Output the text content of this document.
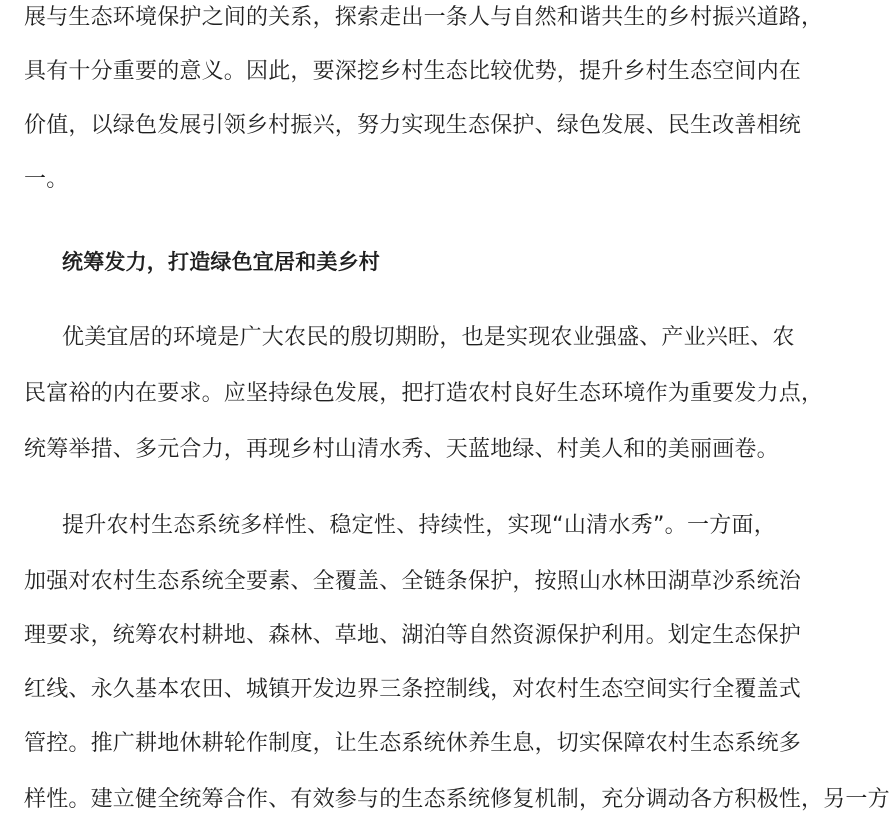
展与生态环境保护之间的关系，探索走出一条人与自然和谐共生的乡村振兴道路，
具有十分重要的意义。因此，要深挖乡村生态比较优势，提升乡村生态空间内在
价值，以绿色发展引领乡村振兴，努力实现生态保护、绿色发展、民生改善相统
一。
统筹发力，打造绿色宜居和美乡村
优美宜居的环境是广大农民的殷切期盼，也是实现农业强盛、产业兴旺、农
民富裕的内在要求。应坚持绿色发展，把打造农村良好生态环境作为重要发力点，
统筹举措、多元合力，再现乡村山清水秀、天蓝地绿、村美人和的美丽画卷。
提升农村生态系统多样性、稳定性、持续性，实现“山清水秀”。一方面，
加强对农村生态系统全要素、全覆盖、全链条保护，按照山水林田湖草沙系统治
理要求，统筹农村耕地、森林、草地、湖泊等自然资源保护利用。划定生态保护
红线、永久基本农田、城镇开发边界三条控制线，对农村生态空间实行全覆盖式
管控。推广耕地休耕轮作制度，让生态系统休养生息，切实保障农村生态系统多
样性。建立健全统筹合作、有效参与的生态系统修复机制，充分调动各方积极性，另一方
